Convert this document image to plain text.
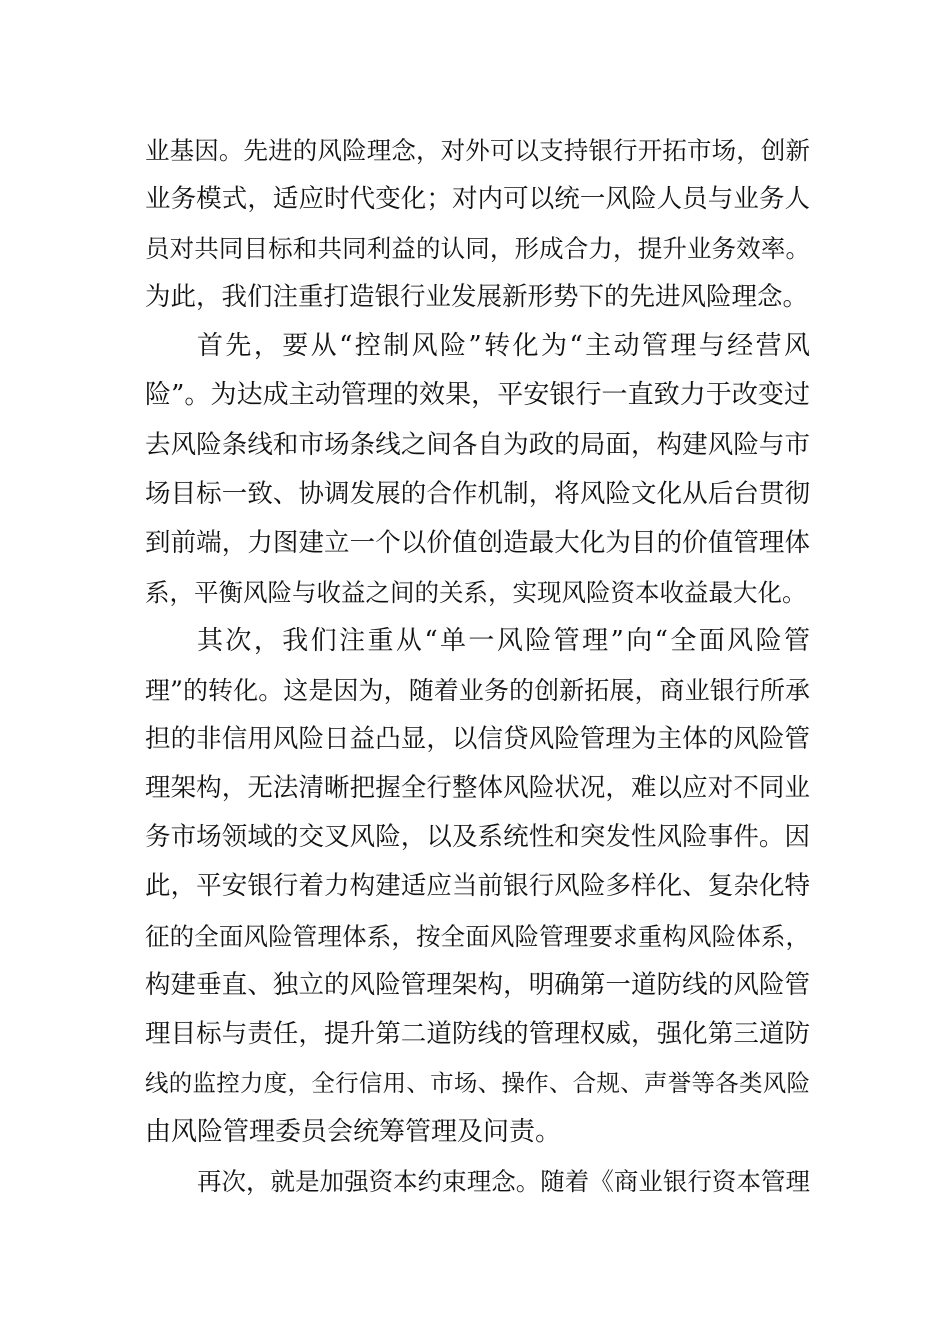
业基因。先进的风险理念，对外可以支持银行开拓市场，创新
业务模式，适应时代变化；对内可以统一风险人员与业务人
员对共同目标和共同利益的认同，形成合力，提升业务效率。
为此，我们注重打造银行业发展新形势下的先进风险理念。
首先，要从“控制风险”转化为“主动管理与经营风
险”。为达成主动管理的效果，平安银行一直致力于改变过
去风险条线和市场条线之间各自为政的局面，构建风险与市
场目标一致、协调发展的合作机制，将风险文化从后台贯彻
到前端，力图建立一个以价值创造最大化为目的价值管理体
系，平衡风险与收益之间的关系，实现风险资本收益最大化。
其次，我们注重从“单一风险管理”向“全面风险管
理”的转化。这是因为，随着业务的创新拓展，商业银行所承
担的非信用风险日益凸显，以信贷风险管理为主体的风险管
理架构，无法清晰把握全行整体风险状况，难以应对不同业
务市场领域的交叉风险，以及系统性和突发性风险事件。因
此，平安银行着力构建适应当前银行风险多样化、复杂化特
征的全面风险管理体系，按全面风险管理要求重构风险体系，
构建垂直、独立的风险管理架构，明确第一道防线的风险管
理目标与责任，提升第二道防线的管理权威，强化第三道防
线的监控力度，全行信用、市场、操作、合规、声誉等各类风险
由风险管理委员会统筹管理及问责。
再次，就是加强资本约束理念。随着《商业银行资本管理
